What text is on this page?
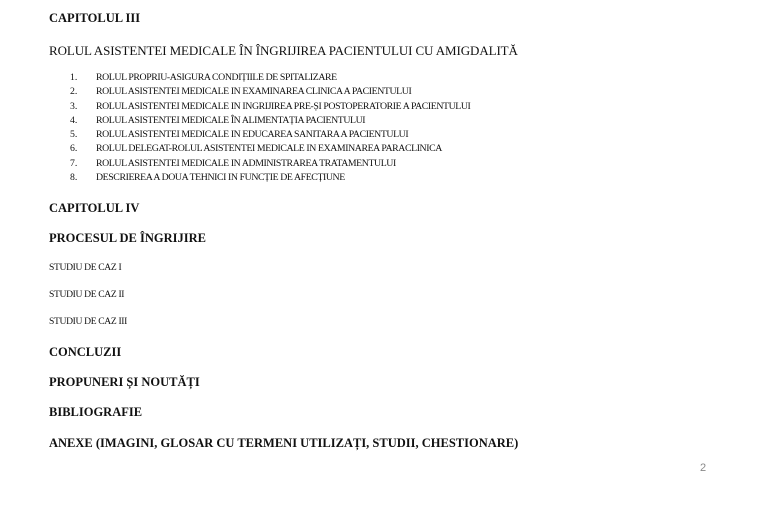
CAPITOLUL III
ROLUL ASISTENTEI MEDICALE ÎN ÎNGRIJIREA PACIENTULUI CU AMIGDALITĂ
1. ROLUL PROPRIU-ASIGURA CONDIȚIILE DE SPITALIZARE
2. ROLUL ASISTENTEI MEDICALE IN EXAMINAREA CLINICA A PACIENTULUI
3. ROLUL ASISTENTEI MEDICALE IN INGRIJIREA PRE-ȘI POSTOPERATORIE A PACIENTULUI
4. ROLUL ASISTENTEI MEDICALE ÎN ALIMENTAȚIA PACIENTULUI
5. ROLUL ASISTENTEI MEDICALE IN EDUCAREA SANITARA A PACIENTULUI
6. ROLUL DELEGAT-ROLUL ASISTENTEI MEDICALE IN EXAMINAREA PARACLINICA
7. ROLUL ASISTENTEI MEDICALE IN ADMINISTRAREA TRATAMENTULUI
8. DESCRIEREA A DOUA TEHNICI IN FUNCȚIE DE AFECȚIUNE
CAPITOLUL IV
PROCESUL DE ÎNGRIJIRE
STUDIU DE CAZ I
STUDIU DE CAZ II
STUDIU DE CAZ III
CONCLUZII
PROPUNERI ȘI NOUTĂȚI
BIBLIOGRAFIE
ANEXE (IMAGINI, GLOSAR CU TERMENI UTILIZAȚI, STUDII, CHESTIONARE)
2
